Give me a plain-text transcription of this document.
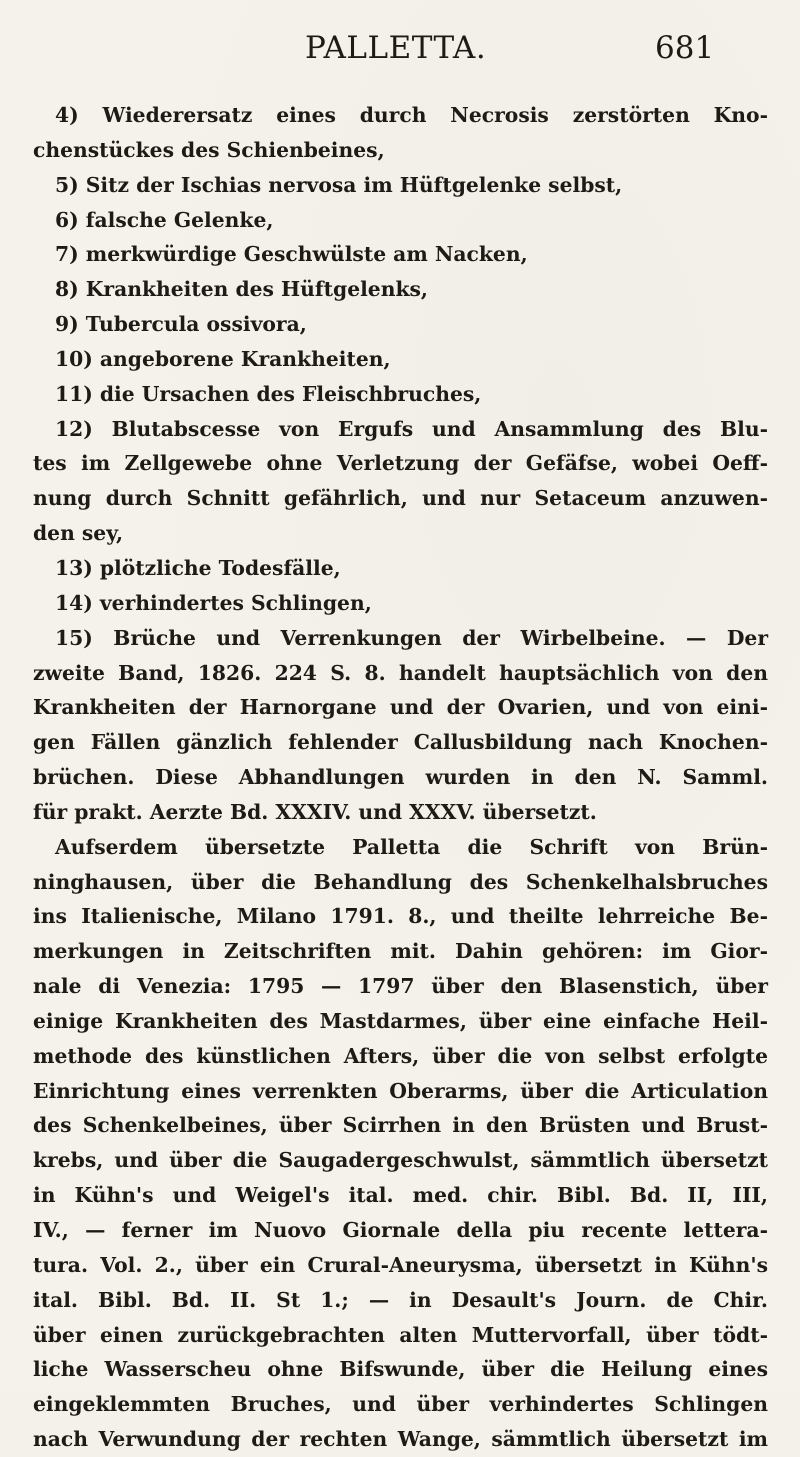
PALLETTA.	681
4) Wiederersatz eines durch Necrosis zerstörten Kno-
chenstückes des Schienbeines,
5) Sitz der Ischias nervosa im Hüftgelenke selbst,
6) falsche Gelenke,
7) merkwürdige Geschwülste am Nacken,
8) Krankheiten des Hüftgelenks,
9) Tubercula ossivora,
10) angeborene Krankheiten,
11) die Ursachen des Fleischbruches,
12) Blutabscesse von Ergufs und Ansammlung des Blu-
tes im Zellgewebe ohne Verletzung der Gefäfse, wobei Oeff-
nung durch Schnitt gefährlich, und nur Setaceum anzuwen-
den sey,
13) plötzliche Todesfälle,
14) verhindertes Schlingen,
15) Brüche und Verrenkungen der Wirbelbeine. — Der
zweite Band, 1826. 224 S. 8. handelt hauptsächlich von den
Krankheiten der Harnorgane und der Ovarien, und von eini-
gen Fällen gänzlich fehlender Callusbildung nach Knochen-
brüchen. Diese Abhandlungen wurden in den N. Samml.
für prakt. Aerzte Bd. XXXIV. und XXXV. übersetzt.
Aufserdem übersetzte Palletta die Schrift von Brün-
ninghausen, über die Behandlung des Schenkelhalsbruches
ins Italienische, Milano 1791. 8., und theilte lehrreiche Be-
merkungen in Zeitschriften mit. Dahin gehören: im Gior-
nale di Venezia: 1795 — 1797 über den Blasenstich, über
einige Krankheiten des Mastdarmes, über eine einfache Heil-
methode des künstlichen Afters, über die von selbst erfolgte
Einrichtung eines verrenkten Oberarms, über die Articulation
des Schenkelbeines, über Scirrhen in den Brüsten und Brust-
krebs, und über die Saugadergeschwulst, sämmtlich übersetzt
in Kühn's und Weigel's ital. med. chir. Bibl. Bd. II, III,
IV., — ferner im Nuovo Giornale della piu recente lettera-
tura. Vol. 2., über ein Crural-Aneurysma, übersetzt in Kühn's
ital. Bibl. Bd. II. St 1.; — in Desault's Journ. de Chir.
über einen zurückgebrachten alten Muttervorfall, über tödt-
liche Wasserscheu ohne Bifswunde, über die Heilung eines
eingeklemmten Bruches, und über verhindertes Schlingen
nach Verwundung der rechten Wange, sämmtlich übersetzt im
